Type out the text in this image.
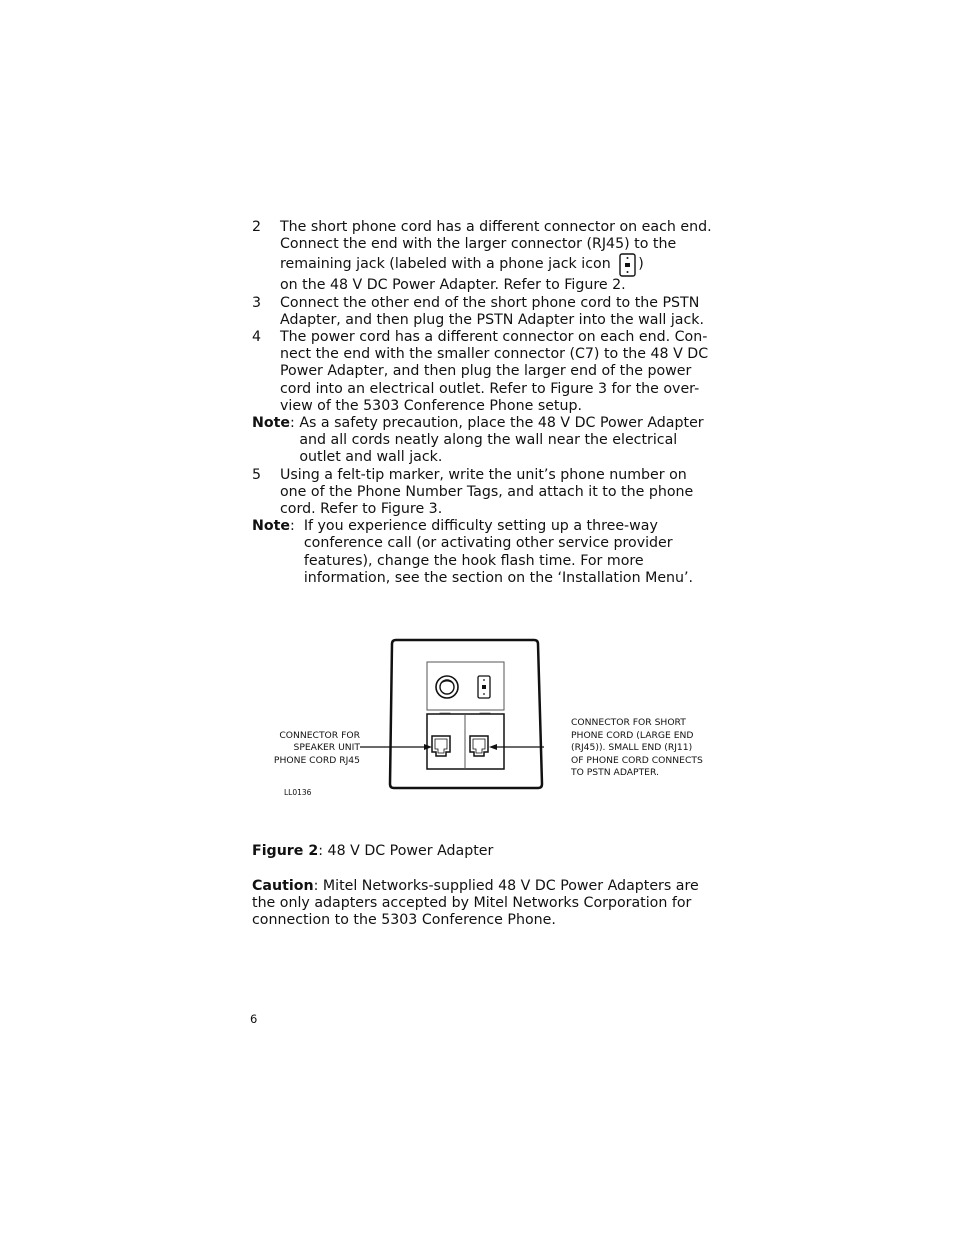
2	The short phone cord has a different connector on each end. Connect the end with the larger connector (RJ45) to the remaining jack (labeled with a phone jack icon )
on the 48 V DC Power Adapter. Refer to Figure 2.
3	Connect the other end of the short phone cord to the PSTN Adapter, and then plug the PSTN Adapter into the wall jack.
4	The power cord has a different connector on each end. Con-nect the end with the smaller connector (C7) to the 48 V DC Power Adapter, and then plug the larger end of the power cord into an electrical outlet. Refer to Figure 3 for the over-view of the 5303 Conference Phone setup.
Note: As a safety precaution, place the 48 V DC Power Adapter and all cords neatly along the wall near the electrical outlet and wall jack.
5	Using a felt-tip marker, write the unit’s phone number on one of the Phone Number Tags, and attach it to the phone cord. Refer to Figure 3.
Note: If you experience difficulty setting up a three-way conference call (or activating other service provider features), change the hook flash time. For more information, see the section on the ‘Installation Menu’.
CONNECTOR FOR
SPEAKER UNIT
PHONE CORD RJ45
CONNECTOR FOR SHORT
PHONE CORD (LARGE END
(RJ45)). SMALL END (RJ11)
OF PHONE CORD CONNECTS
TO PSTN ADAPTER.
LL0136
Figure 2: 48 V DC Power Adapter
Caution: Mitel Networks-supplied 48 V DC Power Adapters are the only adapters accepted by Mitel Networks Corporation for connection to the 5303 Conference Phone.
6
